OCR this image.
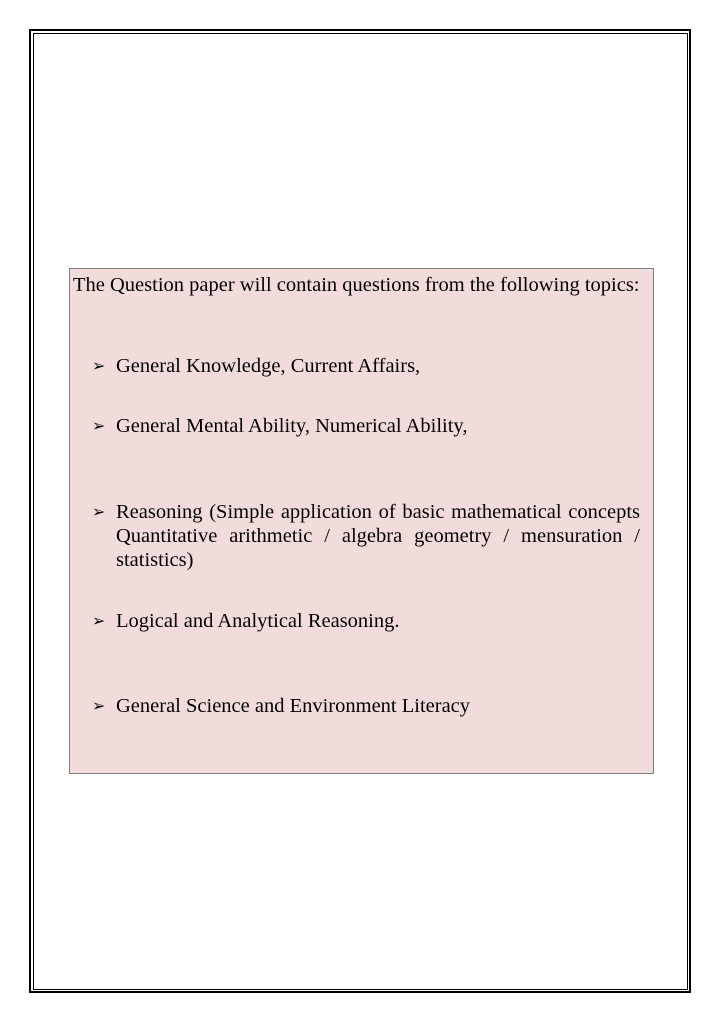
The Question paper will contain questions from the following topics:

➢ General Knowledge, Current Affairs,
➢ General Mental Ability, Numerical Ability,
➢ Reasoning (Simple application of basic mathematical concepts Quantitative arithmetic / algebra geometry / mensuration / statistics)
➢ Logical and Analytical Reasoning.
➢ General Science and Environment Literacy
